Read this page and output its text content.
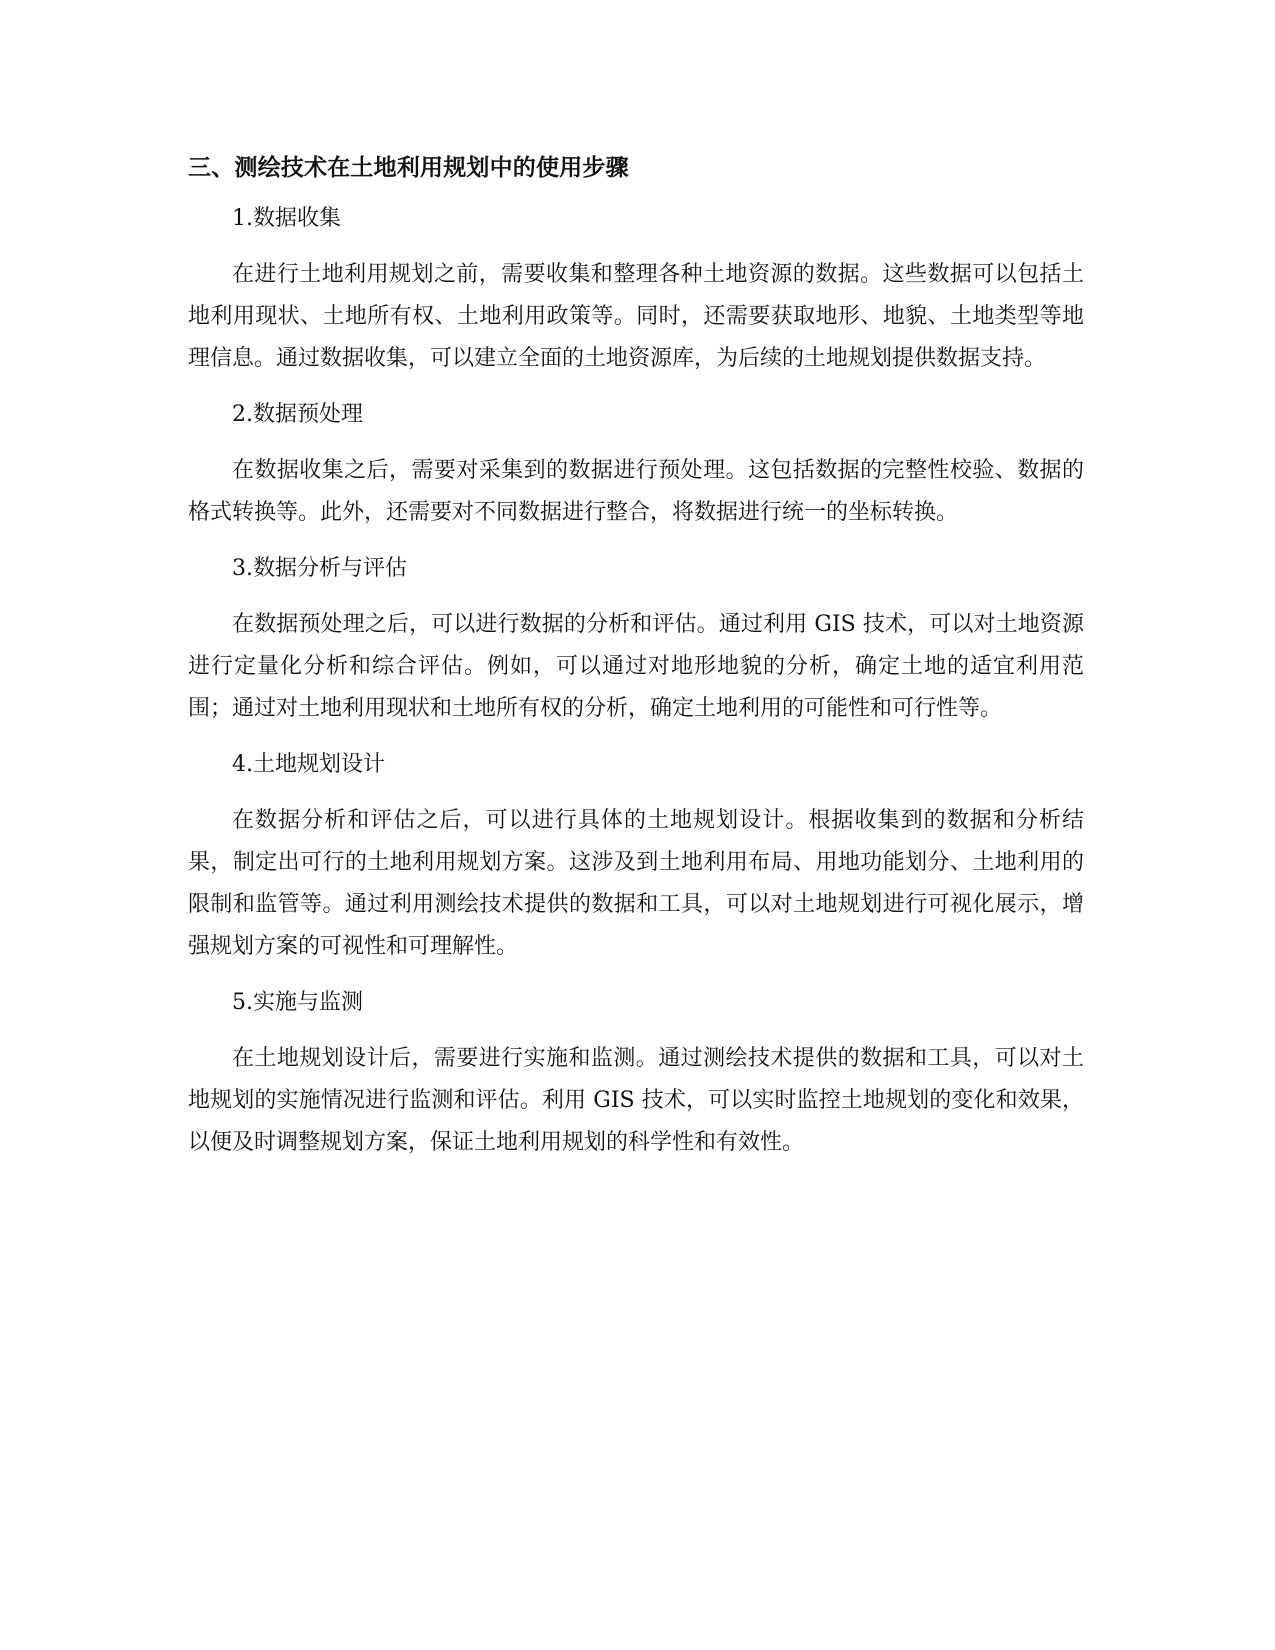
三、测绘技术在土地利用规划中的使用步骤
1.数据收集

在进行土地利用规划之前，需要收集和整理各种土地资源的数据。这些数据可以包括土地利用现状、土地所有权、土地利用政策等。同时，还需要获取地形、地貌、土地类型等地理信息。通过数据收集，可以建立全面的土地资源库，为后续的土地规划提供数据支持。

2.数据预处理

在数据收集之后，需要对采集到的数据进行预处理。这包括数据的完整性校验、数据的格式转换等。此外，还需要对不同数据进行整合，将数据进行统一的坐标转换。

3.数据分析与评估

在数据预处理之后，可以进行数据的分析和评估。通过利用 GIS 技术，可以对土地资源进行定量化分析和综合评估。例如，可以通过对地形地貌的分析，确定土地的适宜利用范围；通过对土地利用现状和土地所有权的分析，确定土地利用的可能性和可行性等。

4.土地规划设计

在数据分析和评估之后，可以进行具体的土地规划设计。根据收集到的数据和分析结果，制定出可行的土地利用规划方案。这涉及到土地利用布局、用地功能划分、土地利用的限制和监管等。通过利用测绘技术提供的数据和工具，可以对土地规划进行可视化展示，增强规划方案的可视性和可理解性。

5.实施与监测

在土地规划设计后，需要进行实施和监测。通过测绘技术提供的数据和工具，可以对土地规划的实施情况进行监测和评估。利用 GIS 技术，可以实时监控土地规划的变化和效果，以便及时调整规划方案，保证土地利用规划的科学性和有效性。
